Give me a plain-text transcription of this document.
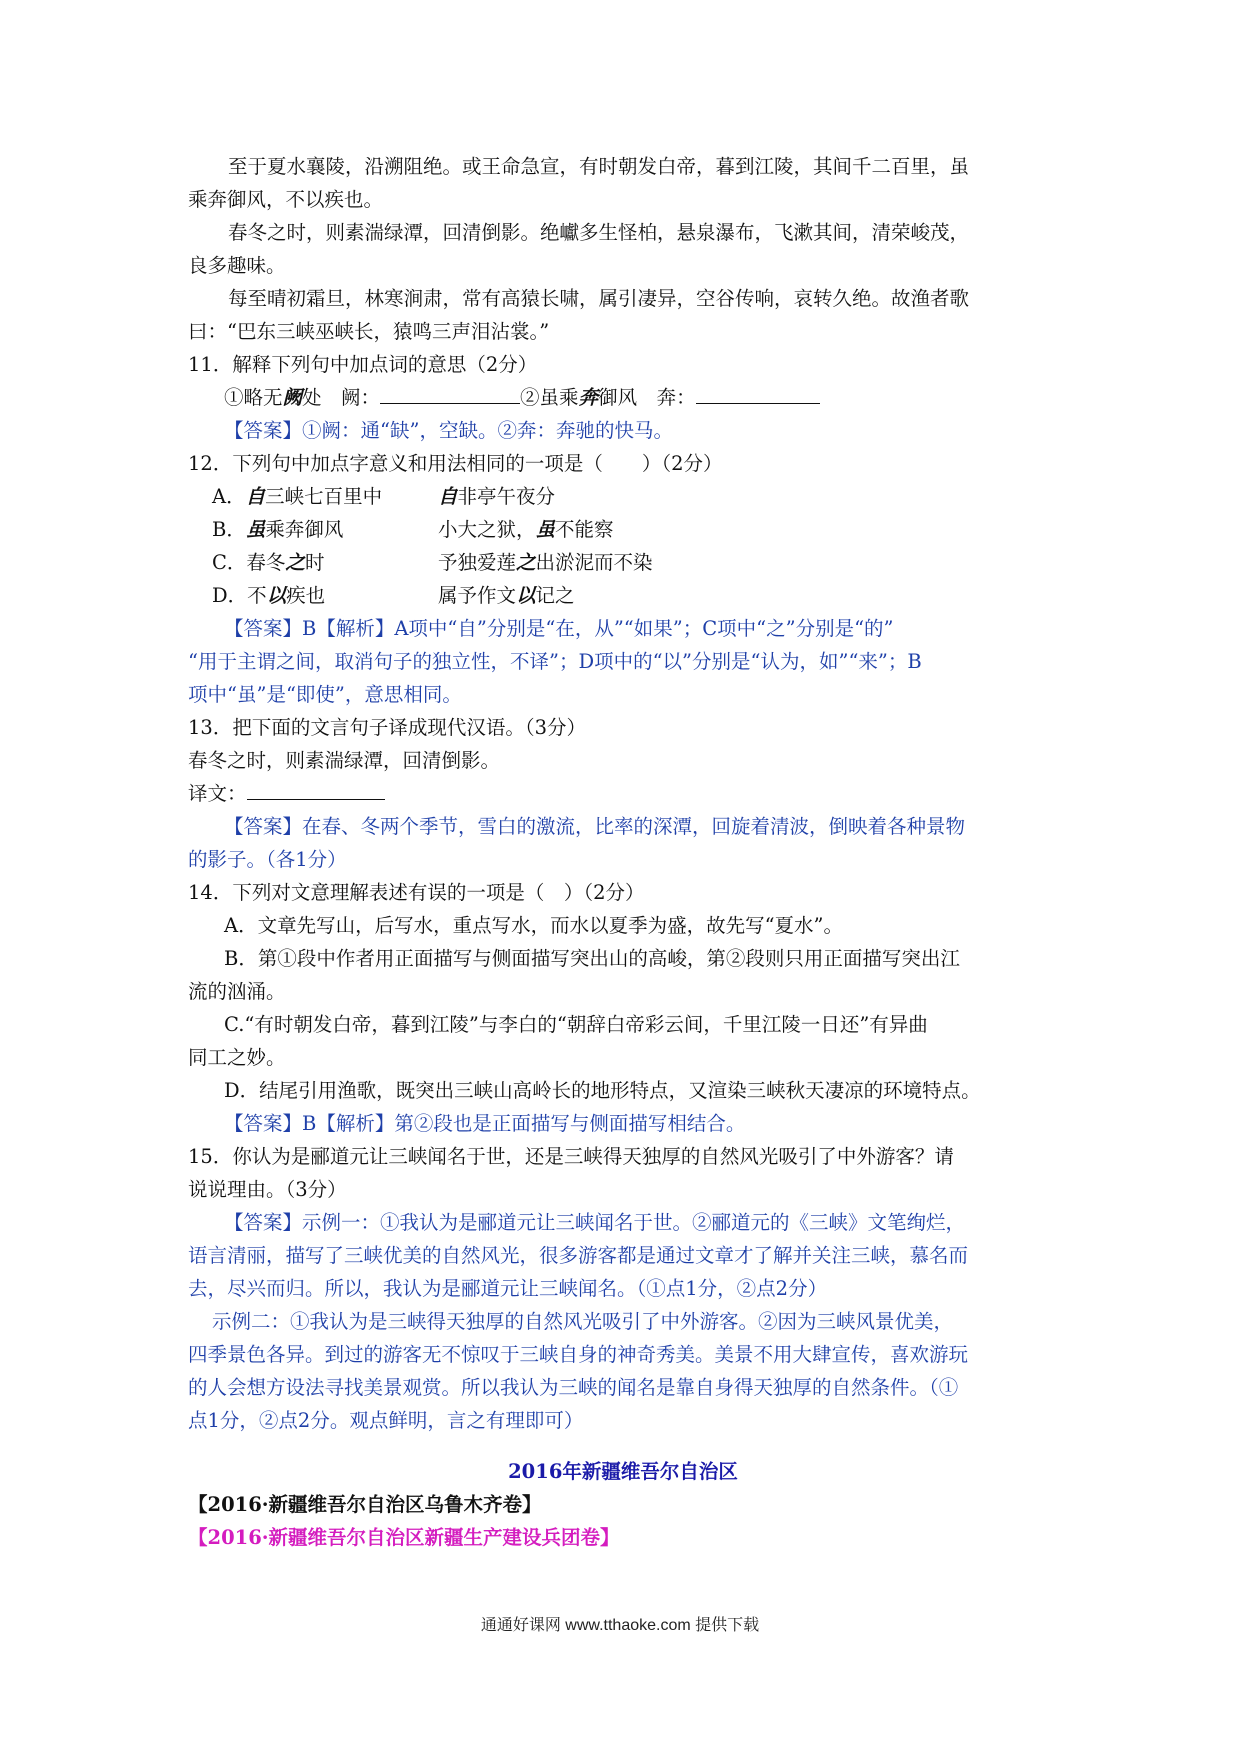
至于夏水襄陵，沿溯阻绝。或王命急宣，有时朝发白帝，暮到江陵，其间千二百里，虽
乘奔御风，不以疾也。
春冬之时，则素湍绿潭，回清倒影。绝巘多生怪柏，悬泉瀑布，飞漱其间，清荣峻茂，
良多趣味。
每至晴初霜旦，林寒涧肃，常有高猿长啸，属引凄异，空谷传响，哀转久绝。故渔者歌
曰：“巴东三峡巫峡长，猿鸣三声泪沾裳。”
11．解释下列句中加点词的意思（2分）
①略无阙处　阙：	②虽乘奔御风　奔：
【答案】①阙：通“缺”，空缺。②奔：奔驰的快马。
12．下列句中加点字意义和用法相同的一项是（　　）（2分）
A．自三峡七百里中	自非亭午夜分
B．虽乘奔御风	小大之狱，虽不能察
C．春冬之时	予独爱莲之出淤泥而不染
D．不以疾也	属予作文以记之
【答案】B【解析】A项中“自”分别是“在，从”“如果”；C项中“之”分别是“的”
“用于主谓之间，取消句子的独立性，不译”；D项中的“以”分别是“认为，如”“来”；B
项中“虽”是“即使”，意思相同。
13．把下面的文言句子译成现代汉语。（3分）
春冬之时，则素湍绿潭，回清倒影。
译文：
【答案】在春、冬两个季节，雪白的激流，比率的深潭，回旋着清波，倒映着各种景物
的影子。（各1分）
14．下列对文意理解表述有误的一项是（　）（2分）
A．文章先写山，后写水，重点写水，而水以夏季为盛，故先写“夏水”。
B．第①段中作者用正面描写与侧面描写突出山的高峻，第②段则只用正面描写突出江
流的汹涌。
C.“有时朝发白帝，暮到江陵”与李白的“朝辞白帝彩云间，千里江陵一日还”有异曲
同工之妙。
D．结尾引用渔歌，既突出三峡山高岭长的地形特点，又渲染三峡秋天凄凉的环境特点。
【答案】B【解析】第②段也是正面描写与侧面描写相结合。
15．你认为是郦道元让三峡闻名于世，还是三峡得天独厚的自然风光吸引了中外游客？请
说说理由。（3分）
【答案】示例一：①我认为是郦道元让三峡闻名于世。②郦道元的《三峡》文笔绚烂，
语言清丽，描写了三峡优美的自然风光，很多游客都是通过文章才了解并关注三峡，慕名而
去，尽兴而归。所以，我认为是郦道元让三峡闻名。（①点1分，②点2分）
示例二：①我认为是三峡得天独厚的自然风光吸引了中外游客。②因为三峡风景优美，
四季景色各异。到过的游客无不惊叹于三峡自身的神奇秀美。美景不用大肆宣传，喜欢游玩
的人会想方设法寻找美景观赏。所以我认为三峡的闻名是靠自身得天独厚的自然条件。（①
点1分，②点2分。观点鲜明，言之有理即可）
2016年新疆维吾尔自治区
【2016·新疆维吾尔自治区乌鲁木齐卷】
【2016·新疆维吾尔自治区新疆生产建设兵团卷】
通通好课网 www.tthaoke.com 提供下载
